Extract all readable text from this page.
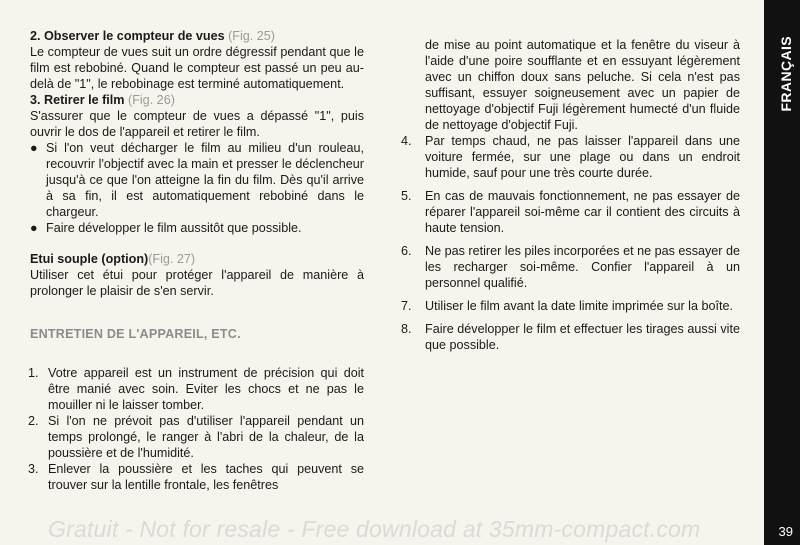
2. Observer le compteur de vues (Fig. 25)
Le compteur de vues suit un ordre dégressif pendant que le film est rebobiné. Quand le compteur est passé un peu au-delà de "1", le rebobinage est terminé automatiquement.

3. Retirer le film (Fig. 26)
S'assurer que le compteur de vues a dépassé "1", puis ouvrir le dos de l'appareil et retirer le film.

● Si l'on veut décharger le film au milieu d'un rouleau, recouvrir l'objectif avec la main et presser le déclencheur jusqu'à ce que l'on atteigne la fin du film. Dès qu'il arrive à sa fin, il est automatiquement rebobiné dans le chargeur.

● Faire développer le film aussitôt que possible.

Etui souple (option)(Fig. 27)
Utiliser cet étui pour protéger l'appareil de manière à prolonger le plaisir de s'en servir.

ENTRETIEN DE L'APPAREIL, ETC.

1. Votre appareil est un instrument de précision qui doit être manié avec soin. Eviter les chocs et ne pas le mouiller ni le laisser tomber.

2. Si l'on ne prévoit pas d'utiliser l'appareil pendant un temps prolongé, le ranger à l'abri de la chaleur, de la poussière et de l'humidité.

3. Enlever la poussière et les taches qui peuvent se trouver sur la lentille frontale, les fenêtres

de mise au point automatique et la fenêtre du viseur à l'aide d'une poire soufflante et en essuyant légèrement avec un chiffon doux sans peluche. Si cela n'est pas suffisant, essuyer soigneusement avec un papier de nettoyage d'objectif Fuji légèrement humecté d'un fluide de nettoyage d'objectif Fuji.

4. Par temps chaud, ne pas laisser l'appareil dans une voiture fermée, sur une plage ou dans un endroit humide, sauf pour une très courte durée.

5. En cas de mauvais fonctionnement, ne pas essayer de réparer l'appareil soi-même car il contient des circuits à haute tension.

6. Ne pas retirer les piles incorporées et ne pas essayer de les recharger soi-même. Confier l'appareil à un personnel qualifié.

7. Utiliser le film avant la date limite imprimée sur la boîte.

8. Faire développer le film et effectuer les tirages aussi vite que possible.

FRANÇAIS
39
Gratuit - Not for resale - Free download at 35mm-compact.com
